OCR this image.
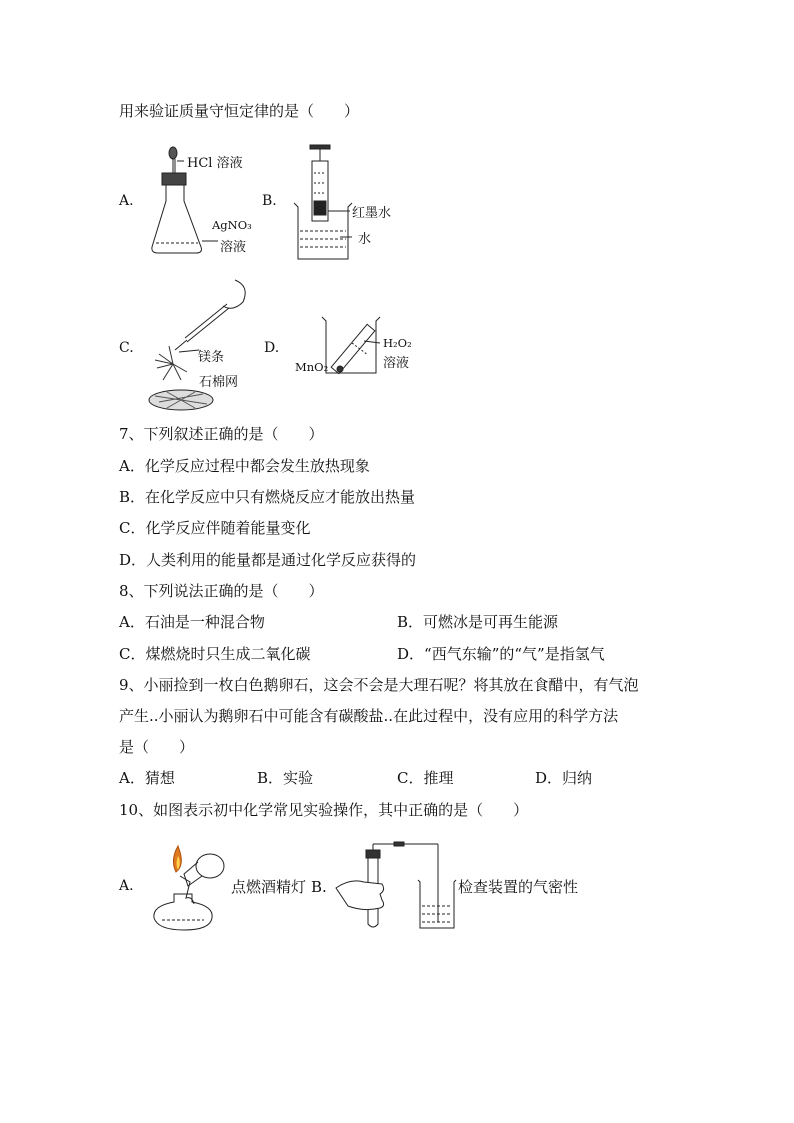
用来验证质量守恒定律的是（　　）
A.
HCl 溶液
AgNO₃
溶液
B.
红墨水
水
C.
镁条
石棉网
D.	H₂O₂
溶液
MnO₂
7、下列叙述正确的是（　　）
A．化学反应过程中都会发生放热现象
B．在化学反应中只有燃烧反应才能放出热量
C．化学反应伴随着能量变化
D．人类利用的能量都是通过化学反应获得的
8、下列说法正确的是（　　）
A．石油是一种混合物	B．可燃冰是可再生能源
C．煤燃烧时只生成二氧化碳	D．“西气东输”的“气”是指氢气
9、小丽捡到一枚白色鹅卵石，这会不会是大理石呢？将其放在食醋中，有气泡
产生..小丽认为鹅卵石中可能含有碳酸盐..在此过程中，没有应用的科学方法
是（　　）
A．猜想	B．实验	C．推理	D．归纳
10、如图表示初中化学常见实验操作，其中正确的是（　　）
A.	点燃酒精灯 B.	检查装置的气密性
